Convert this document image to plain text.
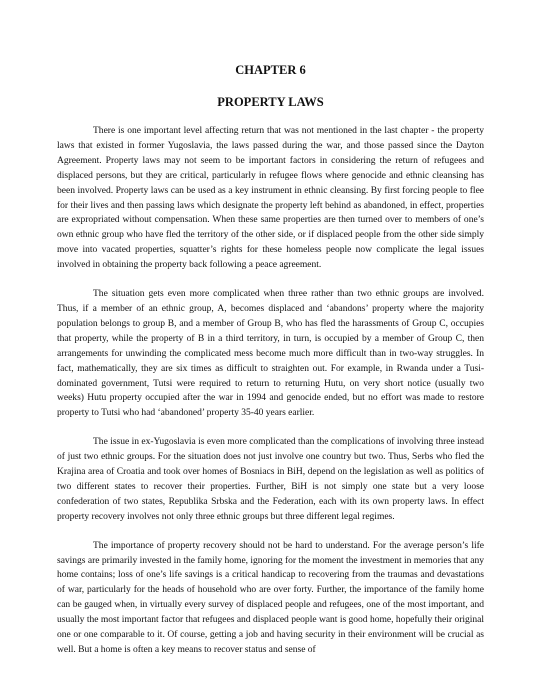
CHAPTER 6
PROPERTY LAWS

There is one important level affecting return that was not mentioned in the last chapter - the property laws that existed in former Yugoslavia, the laws passed during the war, and those passed since the Dayton Agreement. Property laws may not seem to be important factors in considering the return of refugees and displaced persons, but they are critical, particularly in refugee flows where genocide and ethnic cleansing has been involved. Property laws can be used as a key instrument in ethnic cleansing. By first forcing people to flee for their lives and then passing laws which designate the property left behind as abandoned, in effect, properties are expropriated without compensation. When these same properties are then turned over to members of one’s own ethnic group who have fled the territory of the other side, or if displaced people from the other side simply move into vacated properties, squatter’s rights for these homeless people now complicate the legal issues involved in obtaining the property back following a peace agreement.

The situation gets even more complicated when three rather than two ethnic groups are involved. Thus, if a member of an ethnic group, A, becomes displaced and ‘abandons’ property where the majority population belongs to group B, and a member of Group B, who has fled the harassments of Group C, occupies that property, while the property of B in a third territory, in turn, is occupied by a member of Group C, then arrangements for unwinding the complicated mess become much more difficult than in two-way struggles. In fact, mathematically, they are six times as difficult to straighten out. For example, in Rwanda under a Tusi-dominated government, Tutsi were required to return to returning Hutu, on very short notice (usually two weeks) Hutu property occupied after the war in 1994 and genocide ended, but no effort was made to restore property to Tutsi who had ‘abandoned’ property 35-40 years earlier.

The issue in ex-Yugoslavia is even more complicated than the complications of involving three instead of just two ethnic groups. For the situation does not just involve one country but two. Thus, Serbs who fled the Krajina area of Croatia and took over homes of Bosniacs in BiH, depend on the legislation as well as politics of two different states to recover their properties. Further, BiH is not simply one state but a very loose confederation of two states, Republika Srbska and the Federation, each with its own property laws. In effect property recovery involves not only three ethnic groups but three different legal regimes.

The importance of property recovery should not be hard to understand. For the average person’s life savings are primarily invested in the family home, ignoring for the moment the investment in memories that any home contains; loss of one’s life savings is a critical handicap to recovering from the traumas and devastations of war, particularly for the heads of household who are over forty. Further, the importance of the family home can be gauged when, in virtually every survey of displaced people and refugees, one of the most important, and usually the most important factor that refugees and displaced people want is good home, hopefully their original one or one comparable to it. Of course, getting a job and having security in their environment will be crucial as well. But a home is often a key means to recover status and sense of
